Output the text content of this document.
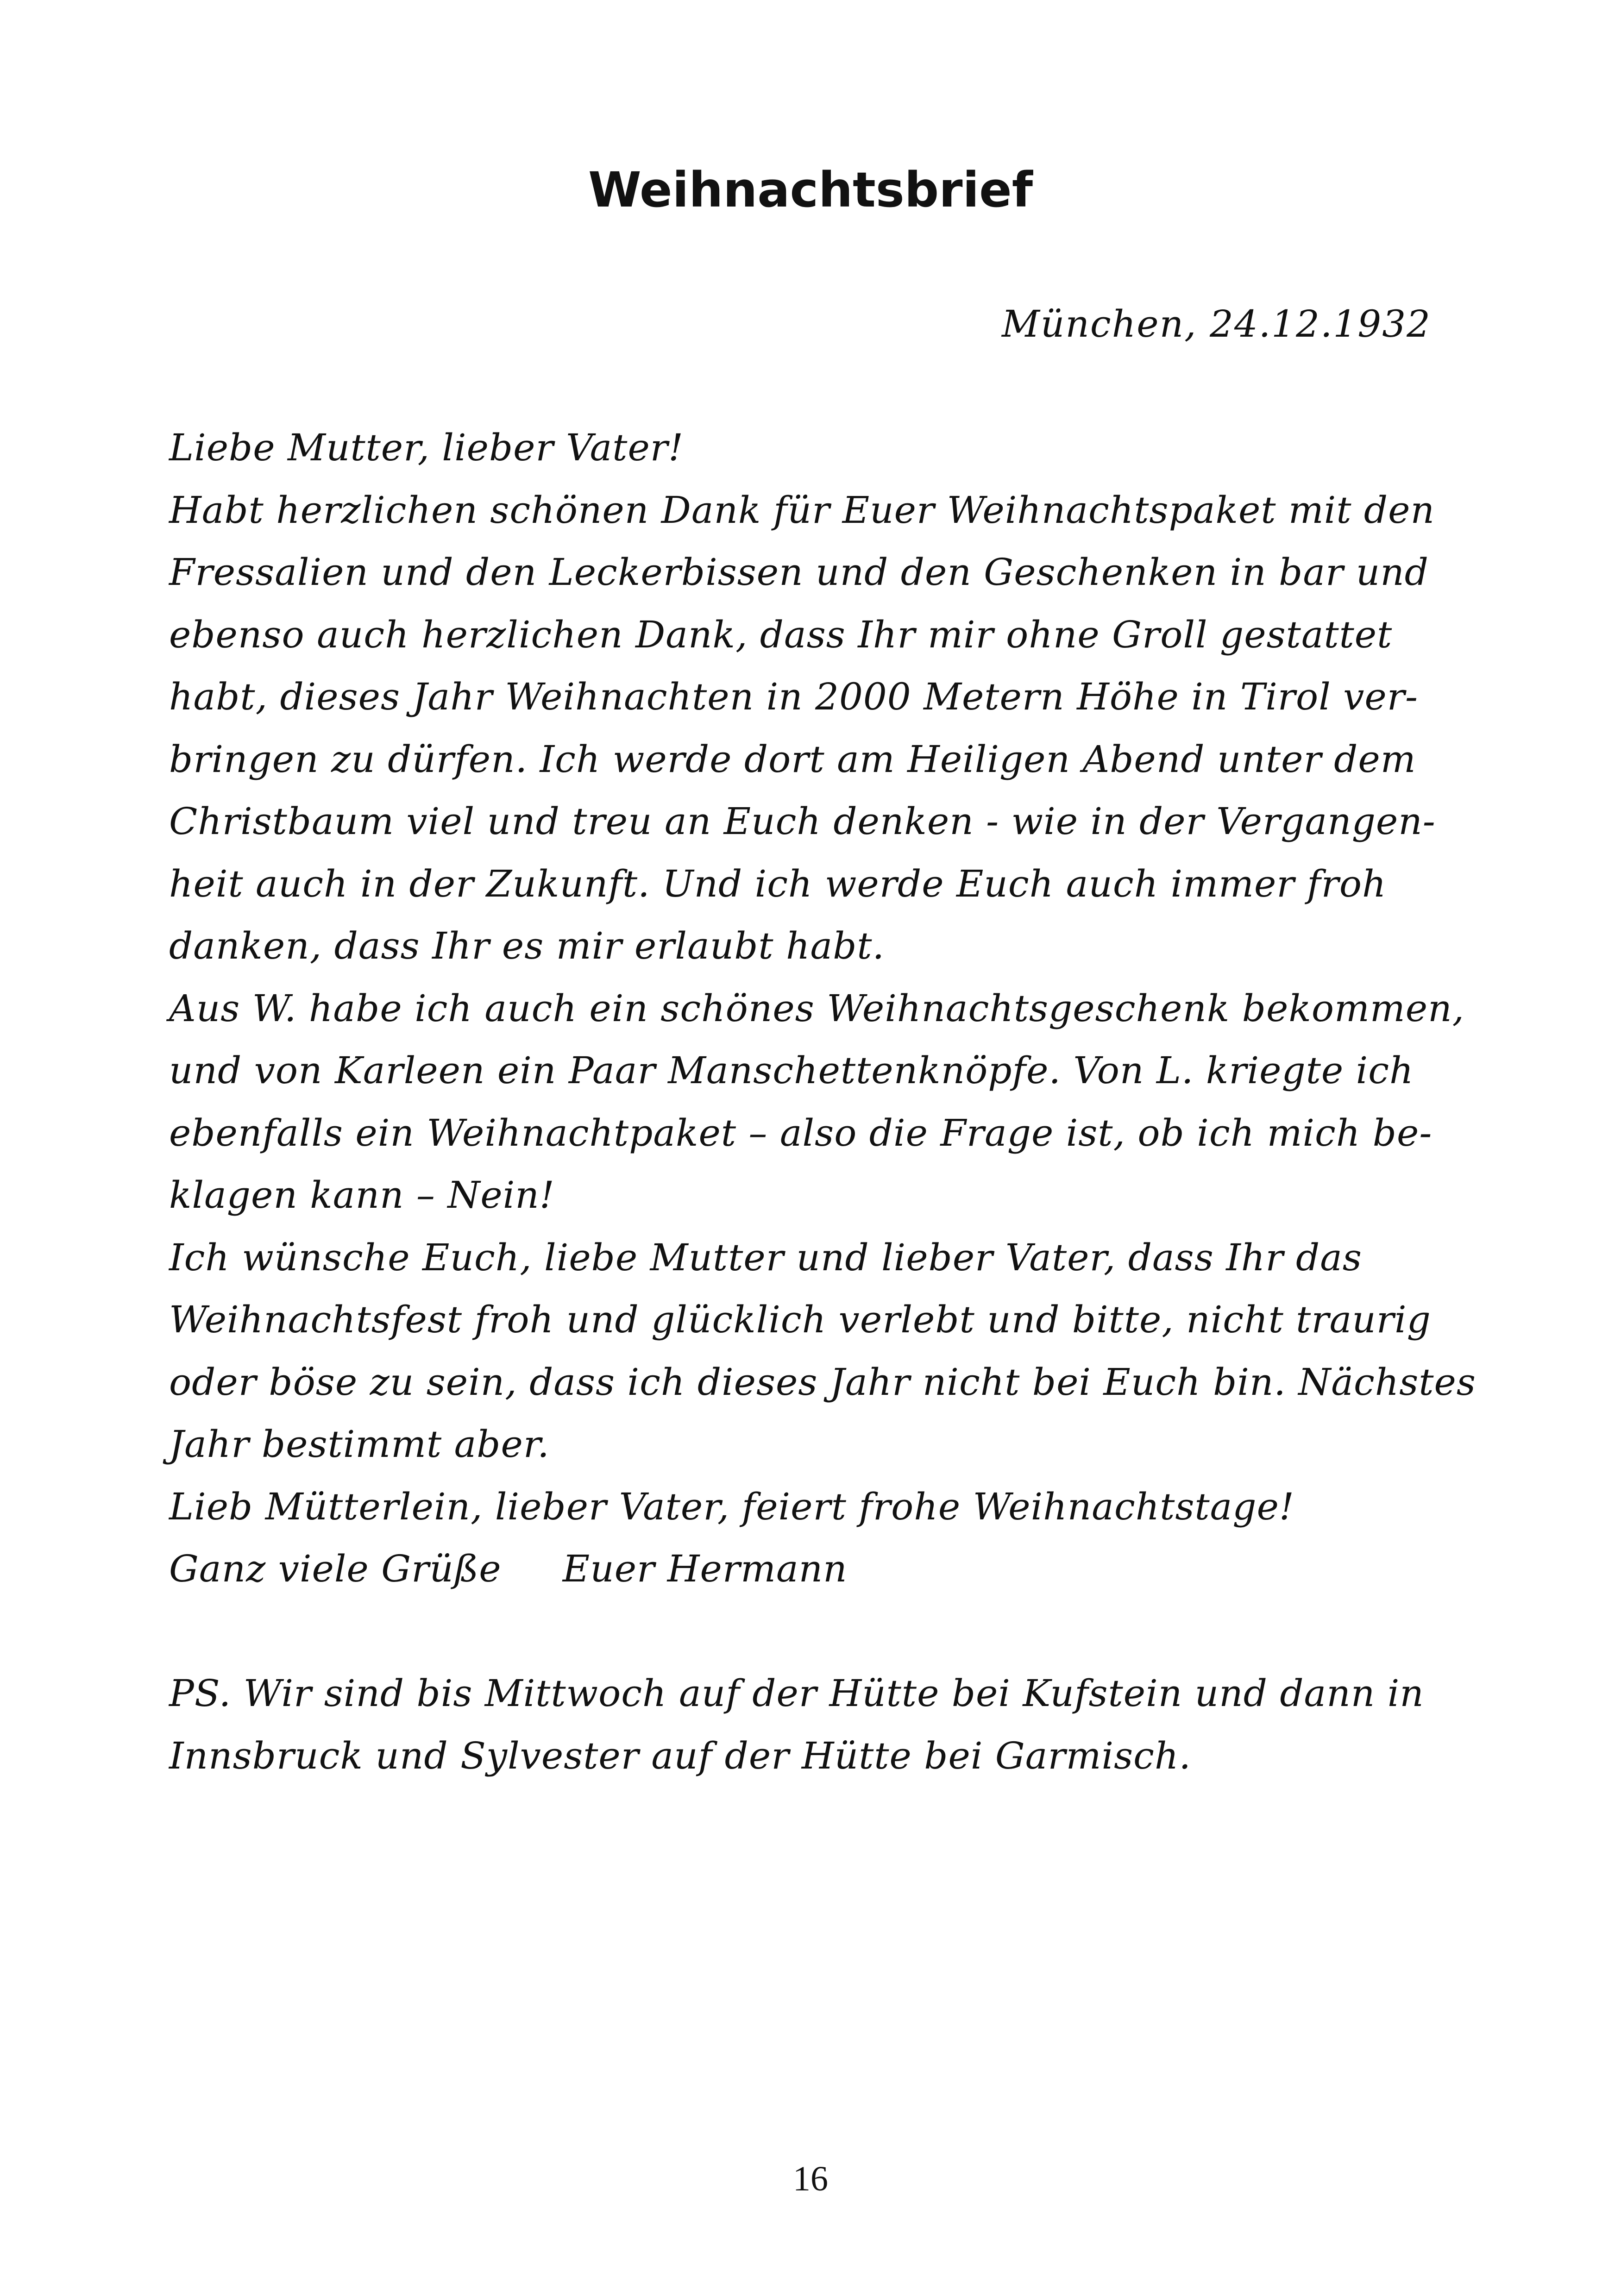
Weihnachtsbrief
München, 24.12.1932
Liebe Mutter, lieber Vater!
Habt herzlichen schönen Dank für Euer Weihnachtspaket mit den
Fressalien und den Leckerbissen und den Geschenken in bar und
ebenso auch herzlichen Dank, dass Ihr mir ohne Groll gestattet
habt, dieses Jahr Weihnachten in 2000 Metern Höhe in Tirol ver-
bringen zu dürfen. Ich werde dort am Heiligen Abend unter dem
Christbaum viel und treu an Euch denken - wie in der Vergangen-
heit auch in der Zukunft. Und ich werde Euch auch immer froh
danken, dass Ihr es mir erlaubt habt.
Aus W. habe ich auch ein schönes Weihnachtsgeschenk bekommen,
und von Karleen ein Paar Manschettenknöpfe. Von L. kriegte ich
ebenfalls ein Weihnachtpaket – also die Frage ist, ob ich mich be-
klagen kann – Nein!
Ich wünsche Euch, liebe Mutter und lieber Vater, dass Ihr das
Weihnachtsfest froh und glücklich verlebt und bitte, nicht traurig
oder böse zu sein, dass ich dieses Jahr nicht bei Euch bin. Nächstes
Jahr bestimmt aber.
Lieb Mütterlein, lieber Vater, feiert frohe Weihnachtstage!
Ganz viele Grüße     Euer Hermann
PS. Wir sind bis Mittwoch auf der Hütte bei Kufstein und dann in
Innsbruck und Sylvester auf der Hütte bei Garmisch.
16
